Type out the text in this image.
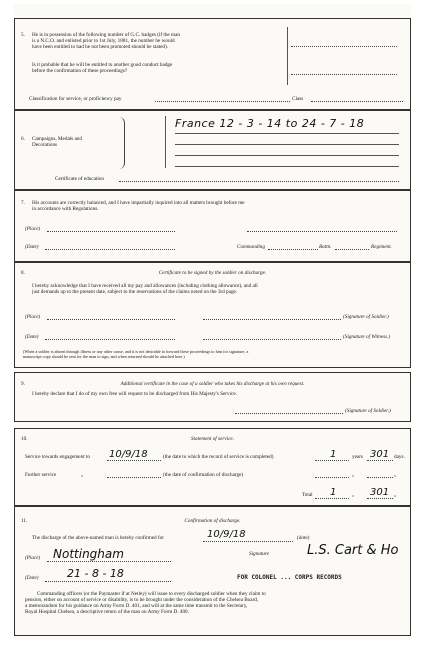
5. He is in possession of the following number of G.C. badges (if the man
is a N.C.O. and enlisted prior to 1st July, 1881, the number he would
have been entitled to had he not been promoted should be stated).
Is it probable that he will be entitled to another good conduct badge
before the confirmation of these proceedings?
Classification for service, or proficiency pay	Class
6. Campaigns, Medals and
Decorations
France 12 - 3 - 14 to 24 - 7 - 18
Certificate of education
7. His accounts are correctly balanced, and I have impartially inquired into all matters brought before me
in accordance with Regulations.
(Place)
(Date)	Commanding	Battn.	Regiment.
8.	Certificate to be signed by the soldier on discharge.
I hereby acknowledge that I have received all my pay and allowances (including clothing allowance), and all
just demands up to the present date, subject to the reservations of the claims noted on the 3rd page.
(Place)	(Signature of Soldier.)
(Date)	(Signature of Witness.)
(When a soldier is absent through illness or any other cause, and it is not desirable to forward these proceedings to him for signature, a
manuscript copy should be sent for the man to sign, and when returned should be attached here.)
9.	Additional certificate in the case of a soldier who takes his discharge at his own request.
I hereby declare that I do of my own free will request to be discharged from His Majesty's Service.
(Signature of Soldier.)
10.	Statement of service.
Service towards engagement to 10/9/18	(the date to which the record of service is completed)	1	years 301 days.
Further service	„	(the date of confirmation of discharge)	„	„
Total 1	„ 301 „
11.	Confirmation of discharge.
The discharge of the above-named man is hereby confirmed for	10/9/18	(date)
(Place) Nottingham	Signature	L.S. Cart & Ho
(Date)	21 - 8 - 18	FOR COLONEL ... CORPS RECORDS
Commanding officers (or the Paymaster if at Netley) will issue to every discharged soldier when they claim to
pension, either on account of service or disability, is to be brought under the consideration of the Chelsea Board,
a memorandum for his guidance on Army Form D. 401, and will at the same time transmit to the Secretary,
Royal Hospital Chelsea, a descriptive return of the man on Army Form D. 400.
